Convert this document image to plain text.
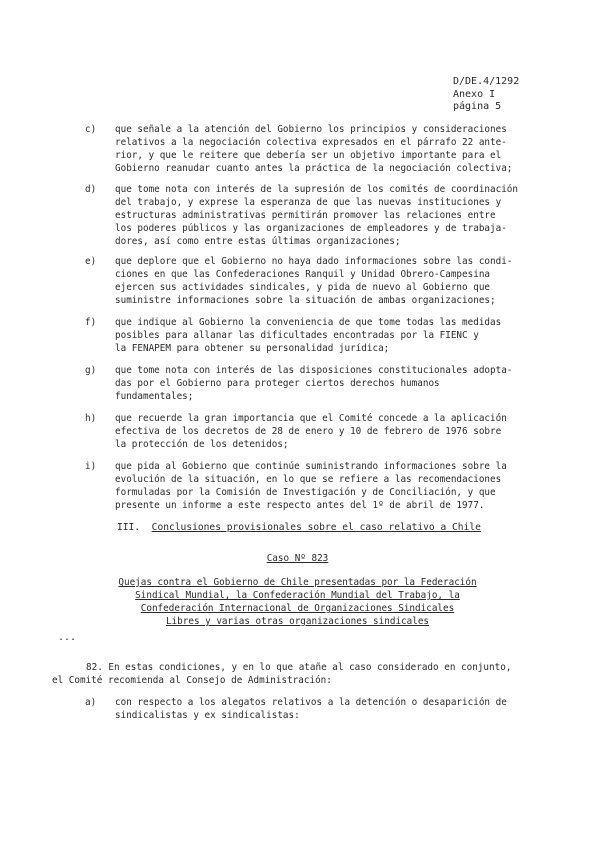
D/DE.4/1292
Anexo I
página 5
c) que señale a la atención del Gobierno los principios y consideraciones
relativos a la negociación colectiva expresados en el párrafo 22 ante-
rior, y que le reitere que debería ser un objetivo importante para el
Gobierno reanudar cuanto antes la práctica de la negociación colectiva;
d) que tome nota con interés de la supresión de los comités de coordinación
del trabajo, y exprese la esperanza de que las nuevas instituciones y
estructuras administrativas permitirán promover las relaciones entre
los poderes públicos y las organizaciones de empleadores y de trabaja-
dores, así como entre estas últimas organizaciones;
e) que deplore que el Gobierno no haya dado informaciones sobre las condi-
ciones en que las Confederaciones Ranquil y Unidad Obrero-Campesina
ejercen sus actividades sindicales, y pida de nuevo al Gobierno que
suministre informaciones sobre la situación de ambas organizaciones;
f) que indique al Gobierno la conveniencia de que tome todas las medidas
posibles para allanar las dificultades encontradas por la FIENC y
la FENAPEM para obtener su personalidad jurídica;
g) que tome nota con interés de las disposiciones constitucionales adopta-
das por el Gobierno para proteger ciertos derechos humanos
fundamentales;
h) que recuerde la gran importancia que el Comité concede a la aplicación
efectiva de los decretos de 28 de enero y 10 de febrero de 1976 sobre
la protección de los detenidos;
i) que pida al Gobierno que continúe suministrando informaciones sobre la
evolución de la situación, en lo que se refiere a las recomendaciones
formuladas por la Comisión de Investigación y de Conciliación, y que
presente un informe a este respecto antes del 1º de abril de 1977.
III. Conclusiones provisionales sobre el caso relativo a Chile
Caso Nº 823
Quejas contra el Gobierno de Chile presentadas por la Federación
Sindical Mundial, la Confederación Mundial del Trabajo, la
Confederación Internacional de Organizaciones Sindicales
Libres y varias otras organizaciones sindicales
...
82. En estas condiciones, y en lo que atañe al caso considerado en conjunto,
el Comité recomienda al Consejo de Administración:
a) con respecto a los alegatos relativos a la detención o desaparición de
sindicalistas y ex sindicalistas:
